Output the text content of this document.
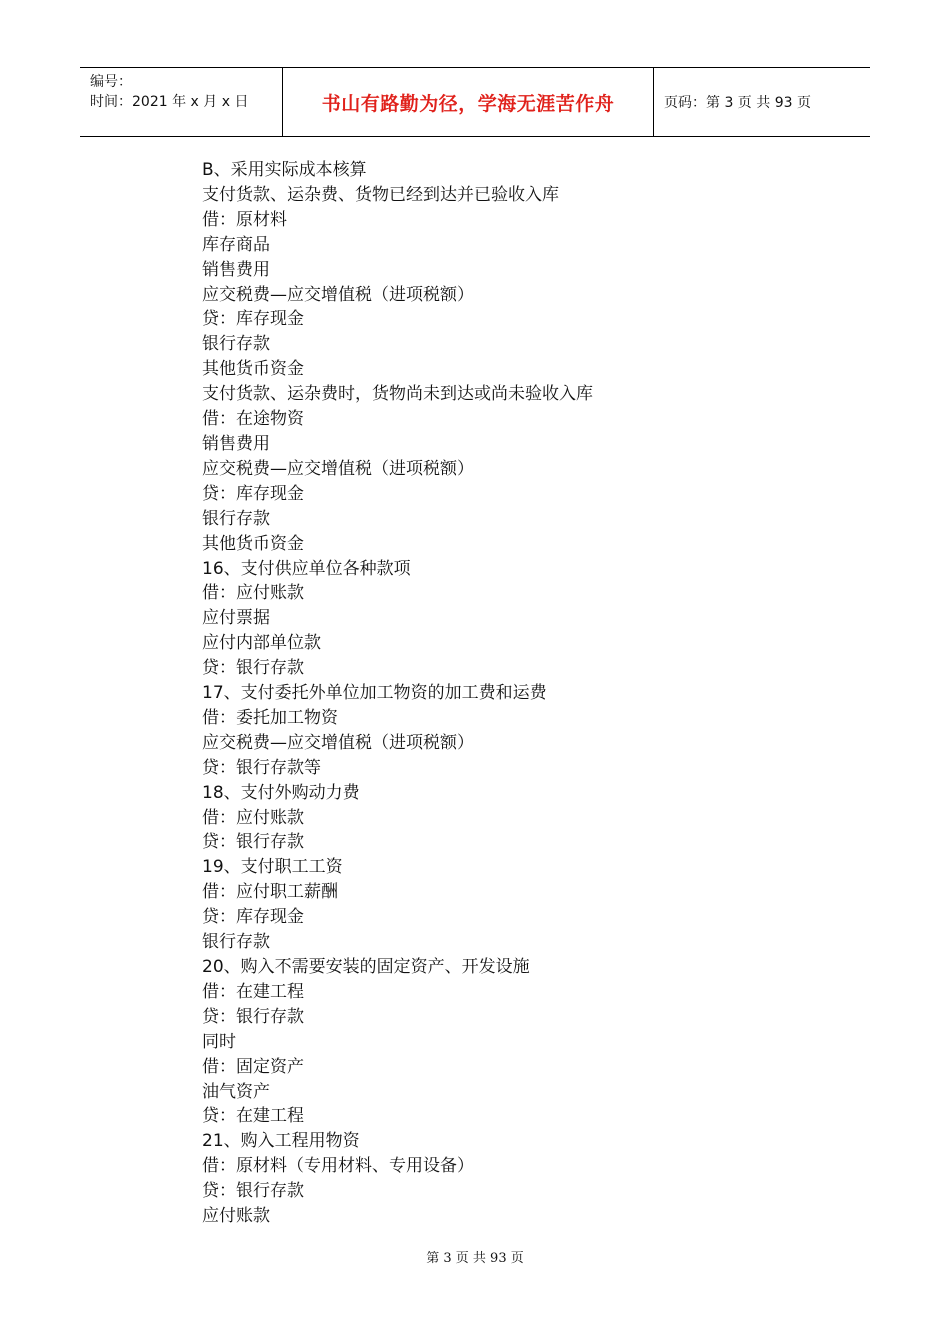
编号：
时间：2021 年 x 月 x 日	书山有路勤为径，学海无涯苦作舟	页码：第 3 页 共 93 页
B、采用实际成本核算
支付货款、运杂费、货物已经到达并已验收入库
借：原材料
库存商品
销售费用
应交税费—应交增值税（进项税额）
贷：库存现金
银行存款
其他货币资金
支付货款、运杂费时，货物尚未到达或尚未验收入库
借：在途物资
销售费用
应交税费—应交增值税（进项税额）
贷：库存现金
银行存款
其他货币资金
16、支付供应单位各种款项
借：应付账款
应付票据
应付内部单位款
贷：银行存款
17、支付委托外单位加工物资的加工费和运费
借：委托加工物资
应交税费—应交增值税（进项税额）
贷：银行存款等
18、支付外购动力费
借：应付账款
贷：银行存款
19、支付职工工资
借：应付职工薪酬
贷：库存现金
银行存款
20、购入不需要安装的固定资产、开发设施
借：在建工程
贷：银行存款
同时
借：固定资产
油气资产
贷：在建工程
21、购入工程用物资
借：原材料（专用材料、专用设备）
贷：银行存款
应付账款
第 3 页 共 93 页
